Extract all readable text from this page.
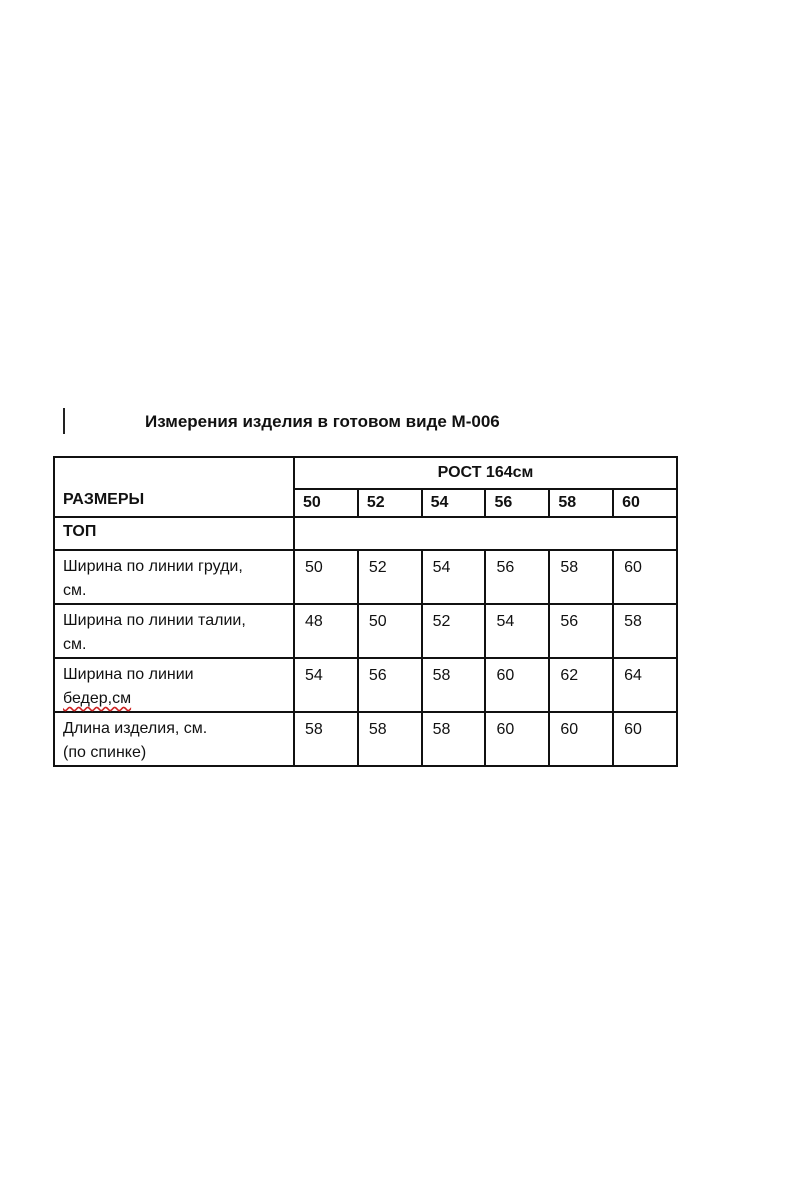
Измерения изделия в готовом виде М-006
РАЗМЕРЫ	РОСТ 164см					
	50	52	54	56	58	60
ТОП						

Ширина по линии груди,
см.	50	52	54	56	58	60

Ширина по линии талии,
см.	48	50	52	54	56	58

Ширина по линии
бедер,см	54	56	58	60	62	64

Длина изделия, см.
(по спинке)	58	58	58	60	60	60
